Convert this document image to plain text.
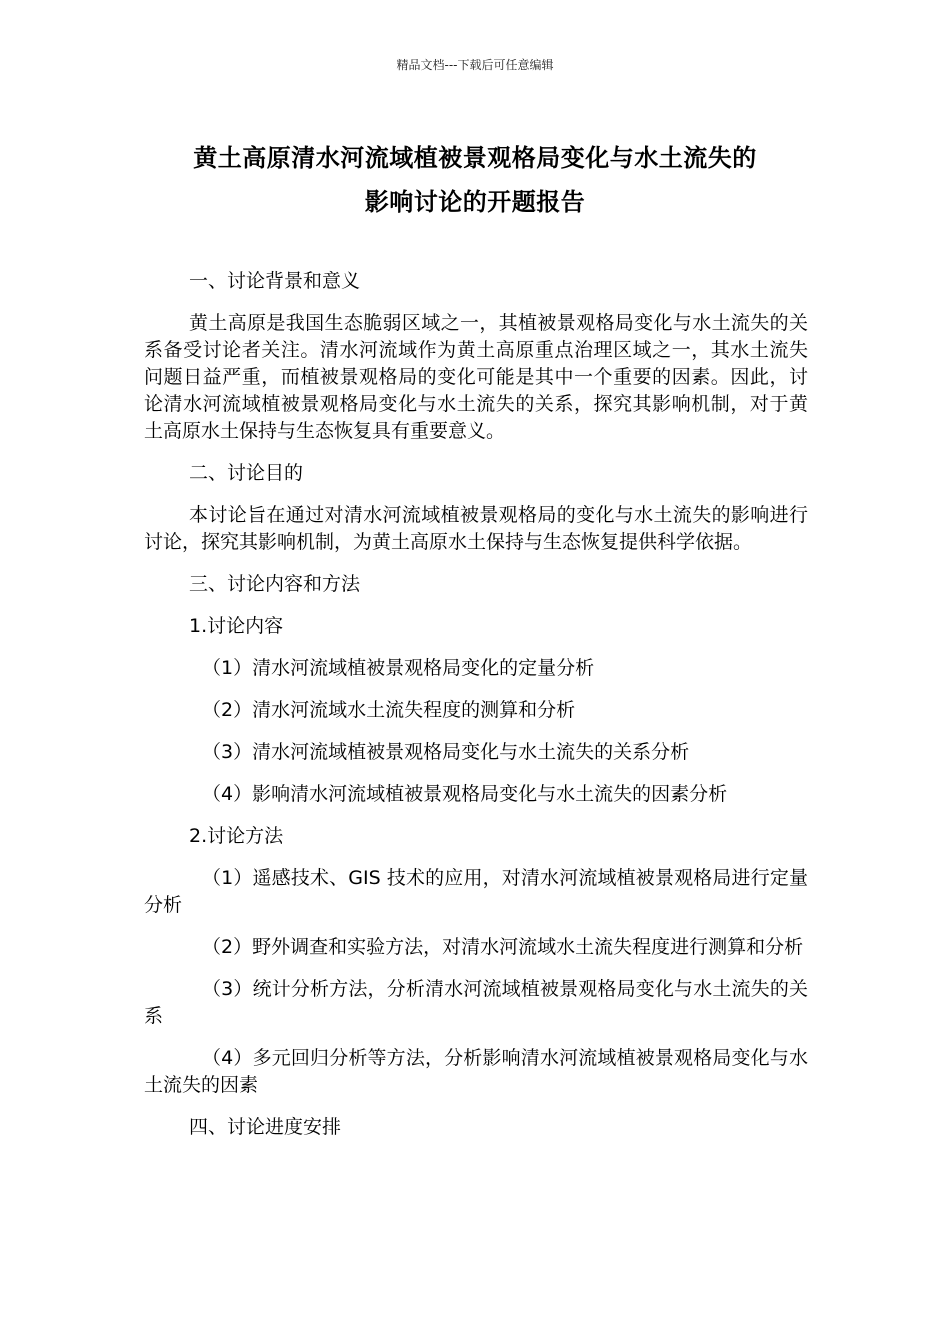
精品文档---下载后可任意编辑
黄土高原清水河流域植被景观格局变化与水土流失的
影响讨论的开题报告

一、讨论背景和意义

黄土高原是我国生态脆弱区域之一，其植被景观格局变化与水土流失的关系备受讨论者关注。清水河流域作为黄土高原重点治理区域之一，其水土流失问题日益严重，而植被景观格局的变化可能是其中一个重要的因素。因此，讨论清水河流域植被景观格局变化与水土流失的关系，探究其影响机制，对于黄土高原水土保持与生态恢复具有重要意义。

二、讨论目的

本讨论旨在通过对清水河流域植被景观格局的变化与水土流失的影响进行讨论，探究其影响机制，为黄土高原水土保持与生态恢复提供科学依据。

三、讨论内容和方法

1.讨论内容

（1）清水河流域植被景观格局变化的定量分析

（2）清水河流域水土流失程度的测算和分析

（3）清水河流域植被景观格局变化与水土流失的关系分析

（4）影响清水河流域植被景观格局变化与水土流失的因素分析

2.讨论方法

（1）遥感技术、GIS 技术的应用，对清水河流域植被景观格局进行定量分析

（2）野外调查和实验方法，对清水河流域水土流失程度进行测算和分析

（3）统计分析方法，分析清水河流域植被景观格局变化与水土流失的关系

（4）多元回归分析等方法，分析影响清水河流域植被景观格局变化与水土流失的因素

四、讨论进度安排
